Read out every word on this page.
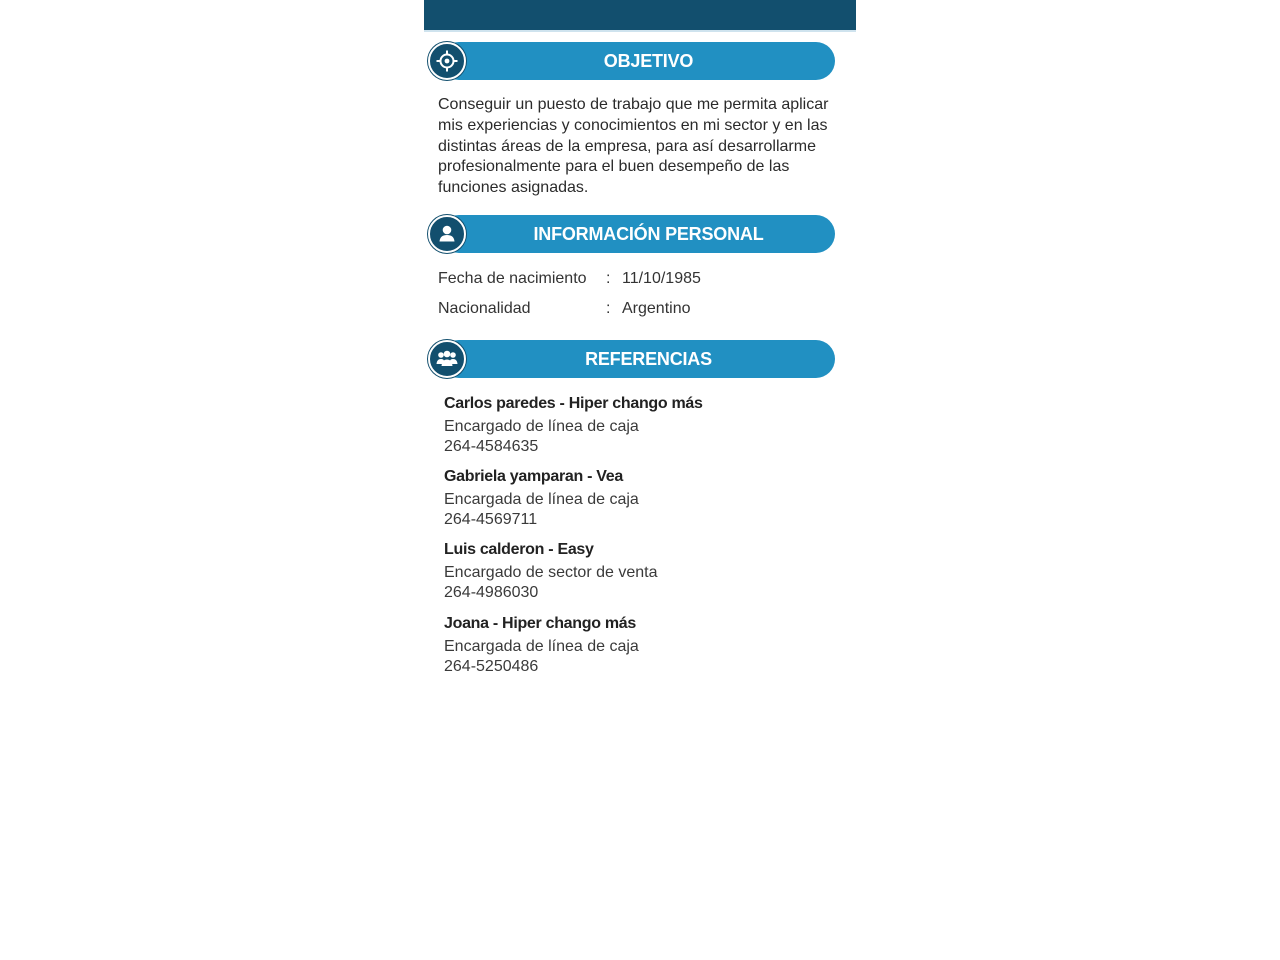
OBJETIVO

Conseguir un puesto de trabajo que me permita aplicar mis experiencias y conocimientos en mi sector y en las distintas áreas de la empresa, para así desarrollarme profesionalmente para el buen desempeño de las funciones asignadas.

INFORMACIÓN PERSONAL
Fecha de nacimiento : 11/10/1985
Nacionalidad	: Argentino
REFERENCIAS
Carlos paredes - Hiper chango más
Encargado de línea de caja
264-4584635
Gabriela yamparan - Vea
Encargada de línea de caja
264-4569711
Luis calderon - Easy
Encargado de sector de venta
264-4986030
Joana - Hiper chango más
Encargada de línea de caja
264-5250486
